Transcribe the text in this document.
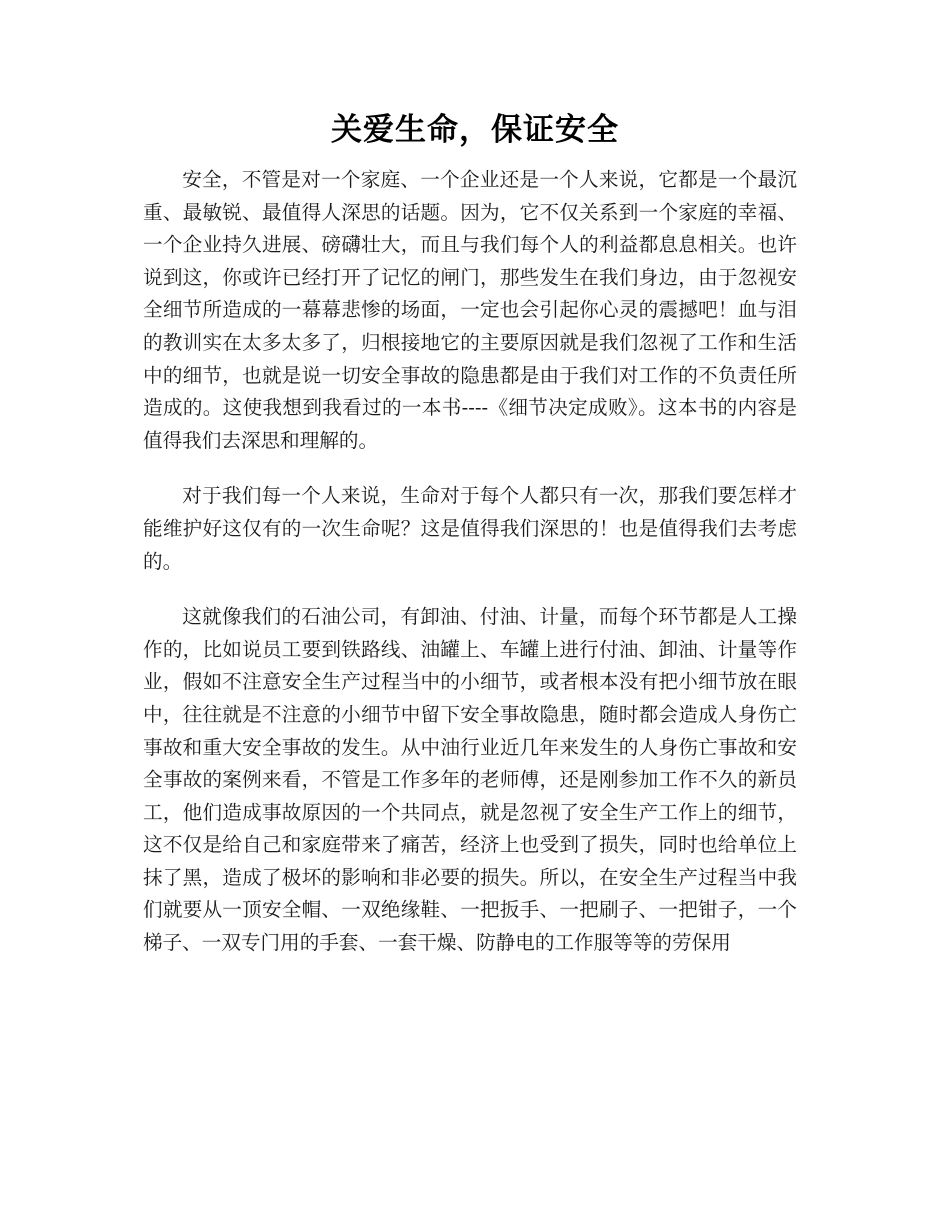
关爱生命，保证安全

安全，不管是对一个家庭、一个企业还是一个人来说，它都是一个最沉重、最敏锐、最值得人深思的话题。因为，它不仅关系到一个家庭的幸福、一个企业持久进展、磅礴壮大，而且与我们每个人的利益都息息相关。也许说到这，你或许已经打开了记忆的闸门，那些发生在我们身边，由于忽视安全细节所造成的一幕幕悲惨的场面，一定也会引起你心灵的震撼吧！血与泪的教训实在太多太多了，归根接地它的主要原因就是我们忽视了工作和生活中的细节，也就是说一切安全事故的隐患都是由于我们对工作的不负责任所造成的。这使我想到我看过的一本书----《细节决定成败》。这本书的内容是值得我们去深思和理解的。

对于我们每一个人来说，生命对于每个人都只有一次，那我们要怎样才能维护好这仅有的一次生命呢？这是值得我们深思的！也是值得我们去考虑的。

这就像我们的石油公司，有卸油、付油、计量，而每个环节都是人工操作的，比如说员工要到铁路线、油罐上、车罐上进行付油、卸油、计量等作业，假如不注意安全生产过程当中的小细节，或者根本没有把小细节放在眼中，往往就是不注意的小细节中留下安全事故隐患，随时都会造成人身伤亡事故和重大安全事故的发生。从中油行业近几年来发生的人身伤亡事故和安全事故的案例来看，不管是工作多年的老师傅，还是刚参加工作不久的新员工，他们造成事故原因的一个共同点，就是忽视了安全生产工作上的细节，这不仅是给自己和家庭带来了痛苦，经济上也受到了损失，同时也给单位上抹了黑，造成了极坏的影响和非必要的损失。所以，在安全生产过程当中我们就要从一顶安全帽、一双绝缘鞋、一把扳手、一把刷子、一把钳子，一个梯子、一双专门用的手套、一套干燥、防静电的工作服等等的劳保用
